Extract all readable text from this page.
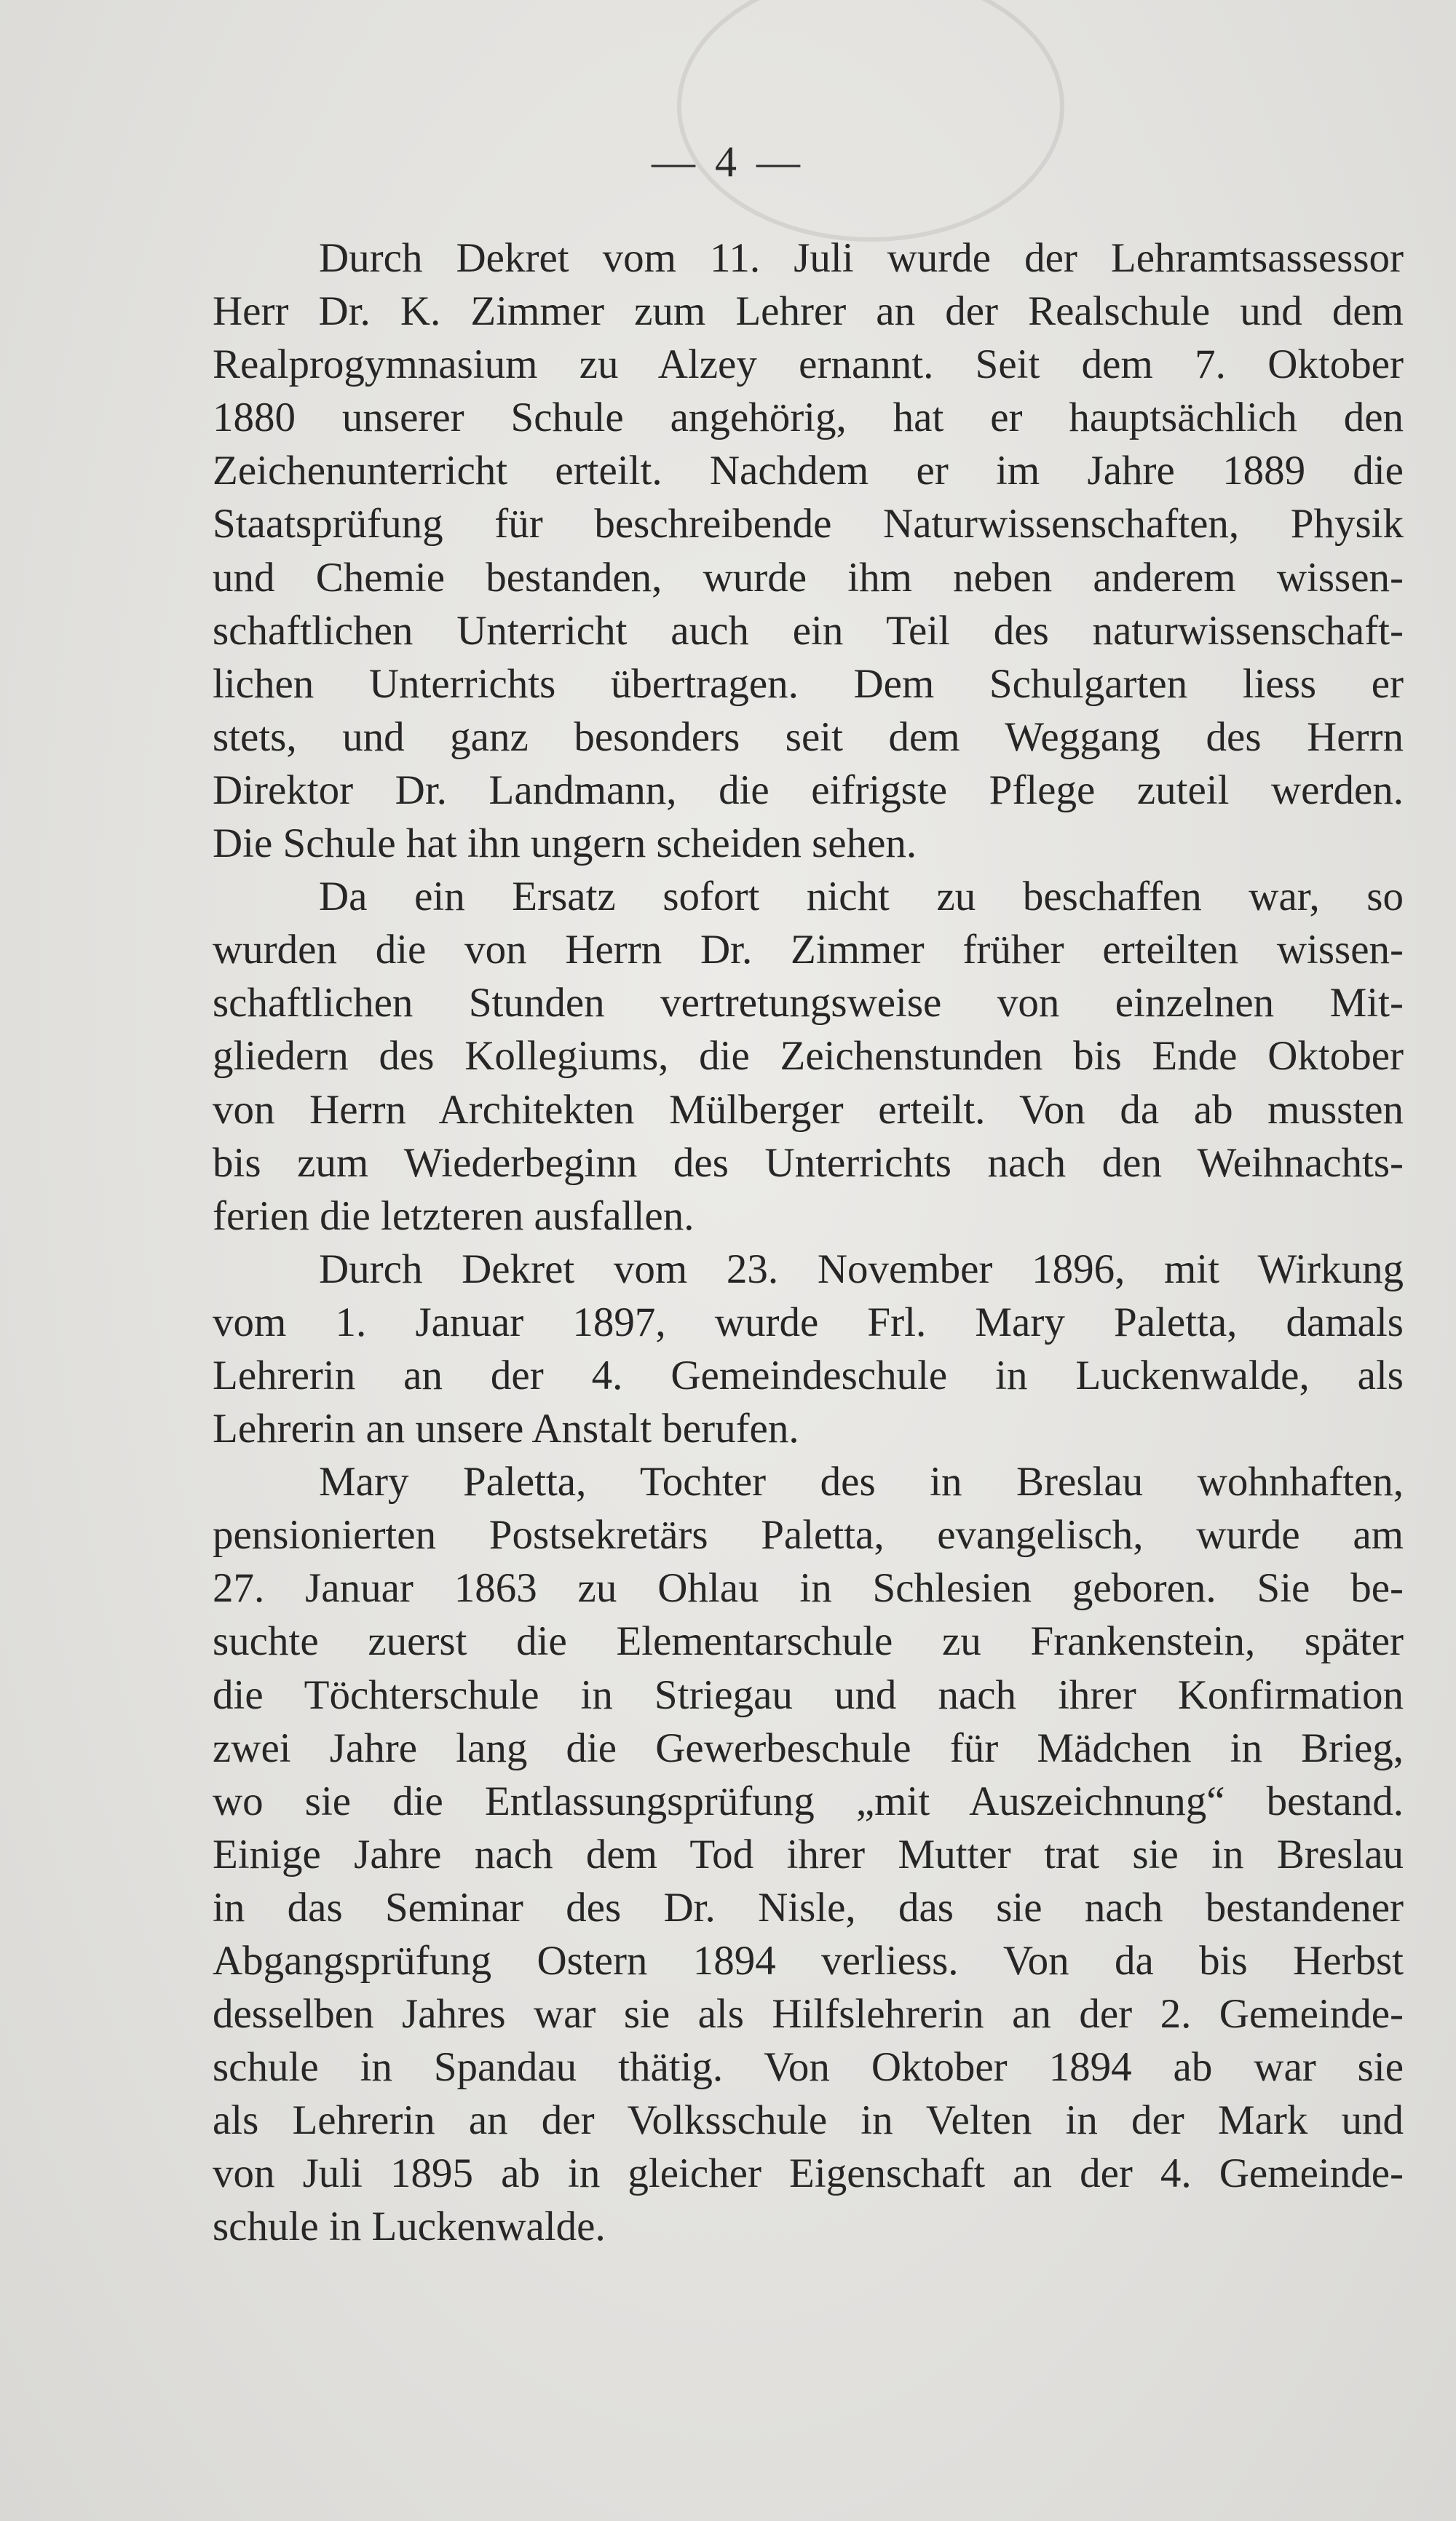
— 4 —
Durch Dekret vom 11. Juli wurde der Lehramtsassessor
Herr Dr. K. Zimmer zum Lehrer an der Realschule und dem
Realprogymnasium zu Alzey ernannt. Seit dem 7. Oktober
1880 unserer Schule angehörig, hat er hauptsächlich den
Zeichenunterricht erteilt. Nachdem er im Jahre 1889 die
Staatsprüfung für beschreibende Naturwissenschaften, Physik
und Chemie bestanden, wurde ihm neben anderem wissen-
schaftlichen Unterricht auch ein Teil des naturwissenschaft-
lichen Unterrichts übertragen. Dem Schulgarten liess er
stets, und ganz besonders seit dem Weggang des Herrn
Direktor Dr. Landmann, die eifrigste Pflege zuteil werden.
Die Schule hat ihn ungern scheiden sehen.
Da ein Ersatz sofort nicht zu beschaffen war, so
wurden die von Herrn Dr. Zimmer früher erteilten wissen-
schaftlichen Stunden vertretungsweise von einzelnen Mit-
gliedern des Kollegiums, die Zeichenstunden bis Ende Oktober
von Herrn Architekten Mülberger erteilt. Von da ab mussten
bis zum Wiederbeginn des Unterrichts nach den Weihnachts-
ferien die letzteren ausfallen.
Durch Dekret vom 23. November 1896, mit Wirkung
vom 1. Januar 1897, wurde Frl. Mary Paletta, damals
Lehrerin an der 4. Gemeindeschule in Luckenwalde, als
Lehrerin an unsere Anstalt berufen.
Mary Paletta, Tochter des in Breslau wohnhaften,
pensionierten Postsekretärs Paletta, evangelisch, wurde am
27. Januar 1863 zu Ohlau in Schlesien geboren. Sie be-
suchte zuerst die Elementarschule zu Frankenstein, später
die Töchterschule in Striegau und nach ihrer Konfirmation
zwei Jahre lang die Gewerbeschule für Mädchen in Brieg,
wo sie die Entlassungsprüfung „mit Auszeichnung“ bestand.
Einige Jahre nach dem Tod ihrer Mutter trat sie in Breslau
in das Seminar des Dr. Nisle, das sie nach bestandener
Abgangsprüfung Ostern 1894 verliess. Von da bis Herbst
desselben Jahres war sie als Hilfslehrerin an der 2. Gemeinde-
schule in Spandau thätig. Von Oktober 1894 ab war sie
als Lehrerin an der Volksschule in Velten in der Mark und
von Juli 1895 ab in gleicher Eigenschaft an der 4. Gemeinde-
schule in Luckenwalde.
